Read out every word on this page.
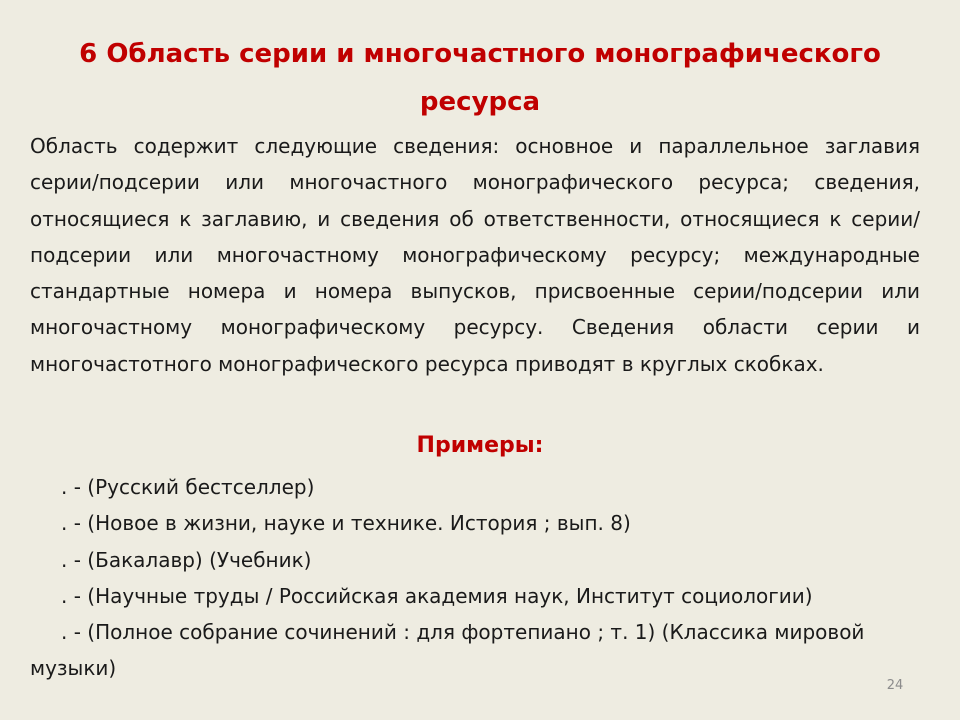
6 Область серии и многочастного монографического ресурса

Область содержит следующие сведения: основное и параллельное заглавия серии/подсерии или многочастного монографического ресурса; сведения, относящиеся к заглавию, и сведения об ответственности, относящиеся к серии/подсерии или многочастному монографическому ресурсу; международные стандартные номера и номера выпусков, присвоенные серии/подсерии или многочастному монографическому ресурсу. Сведения области серии и многочастотного монографического ресурса приводят в круглых скобках.

Примеры:
. - (Русский бестселлер)
. - (Новое в жизни, науке и технике. История ; вып. 8)
. - (Бакалавр) (Учебник)
. - (Научные труды / Российская академия наук, Институт социологии)
. - (Полное собрание сочинений : для фортепиано ; т. 1) (Классика мировой музыки)
24
